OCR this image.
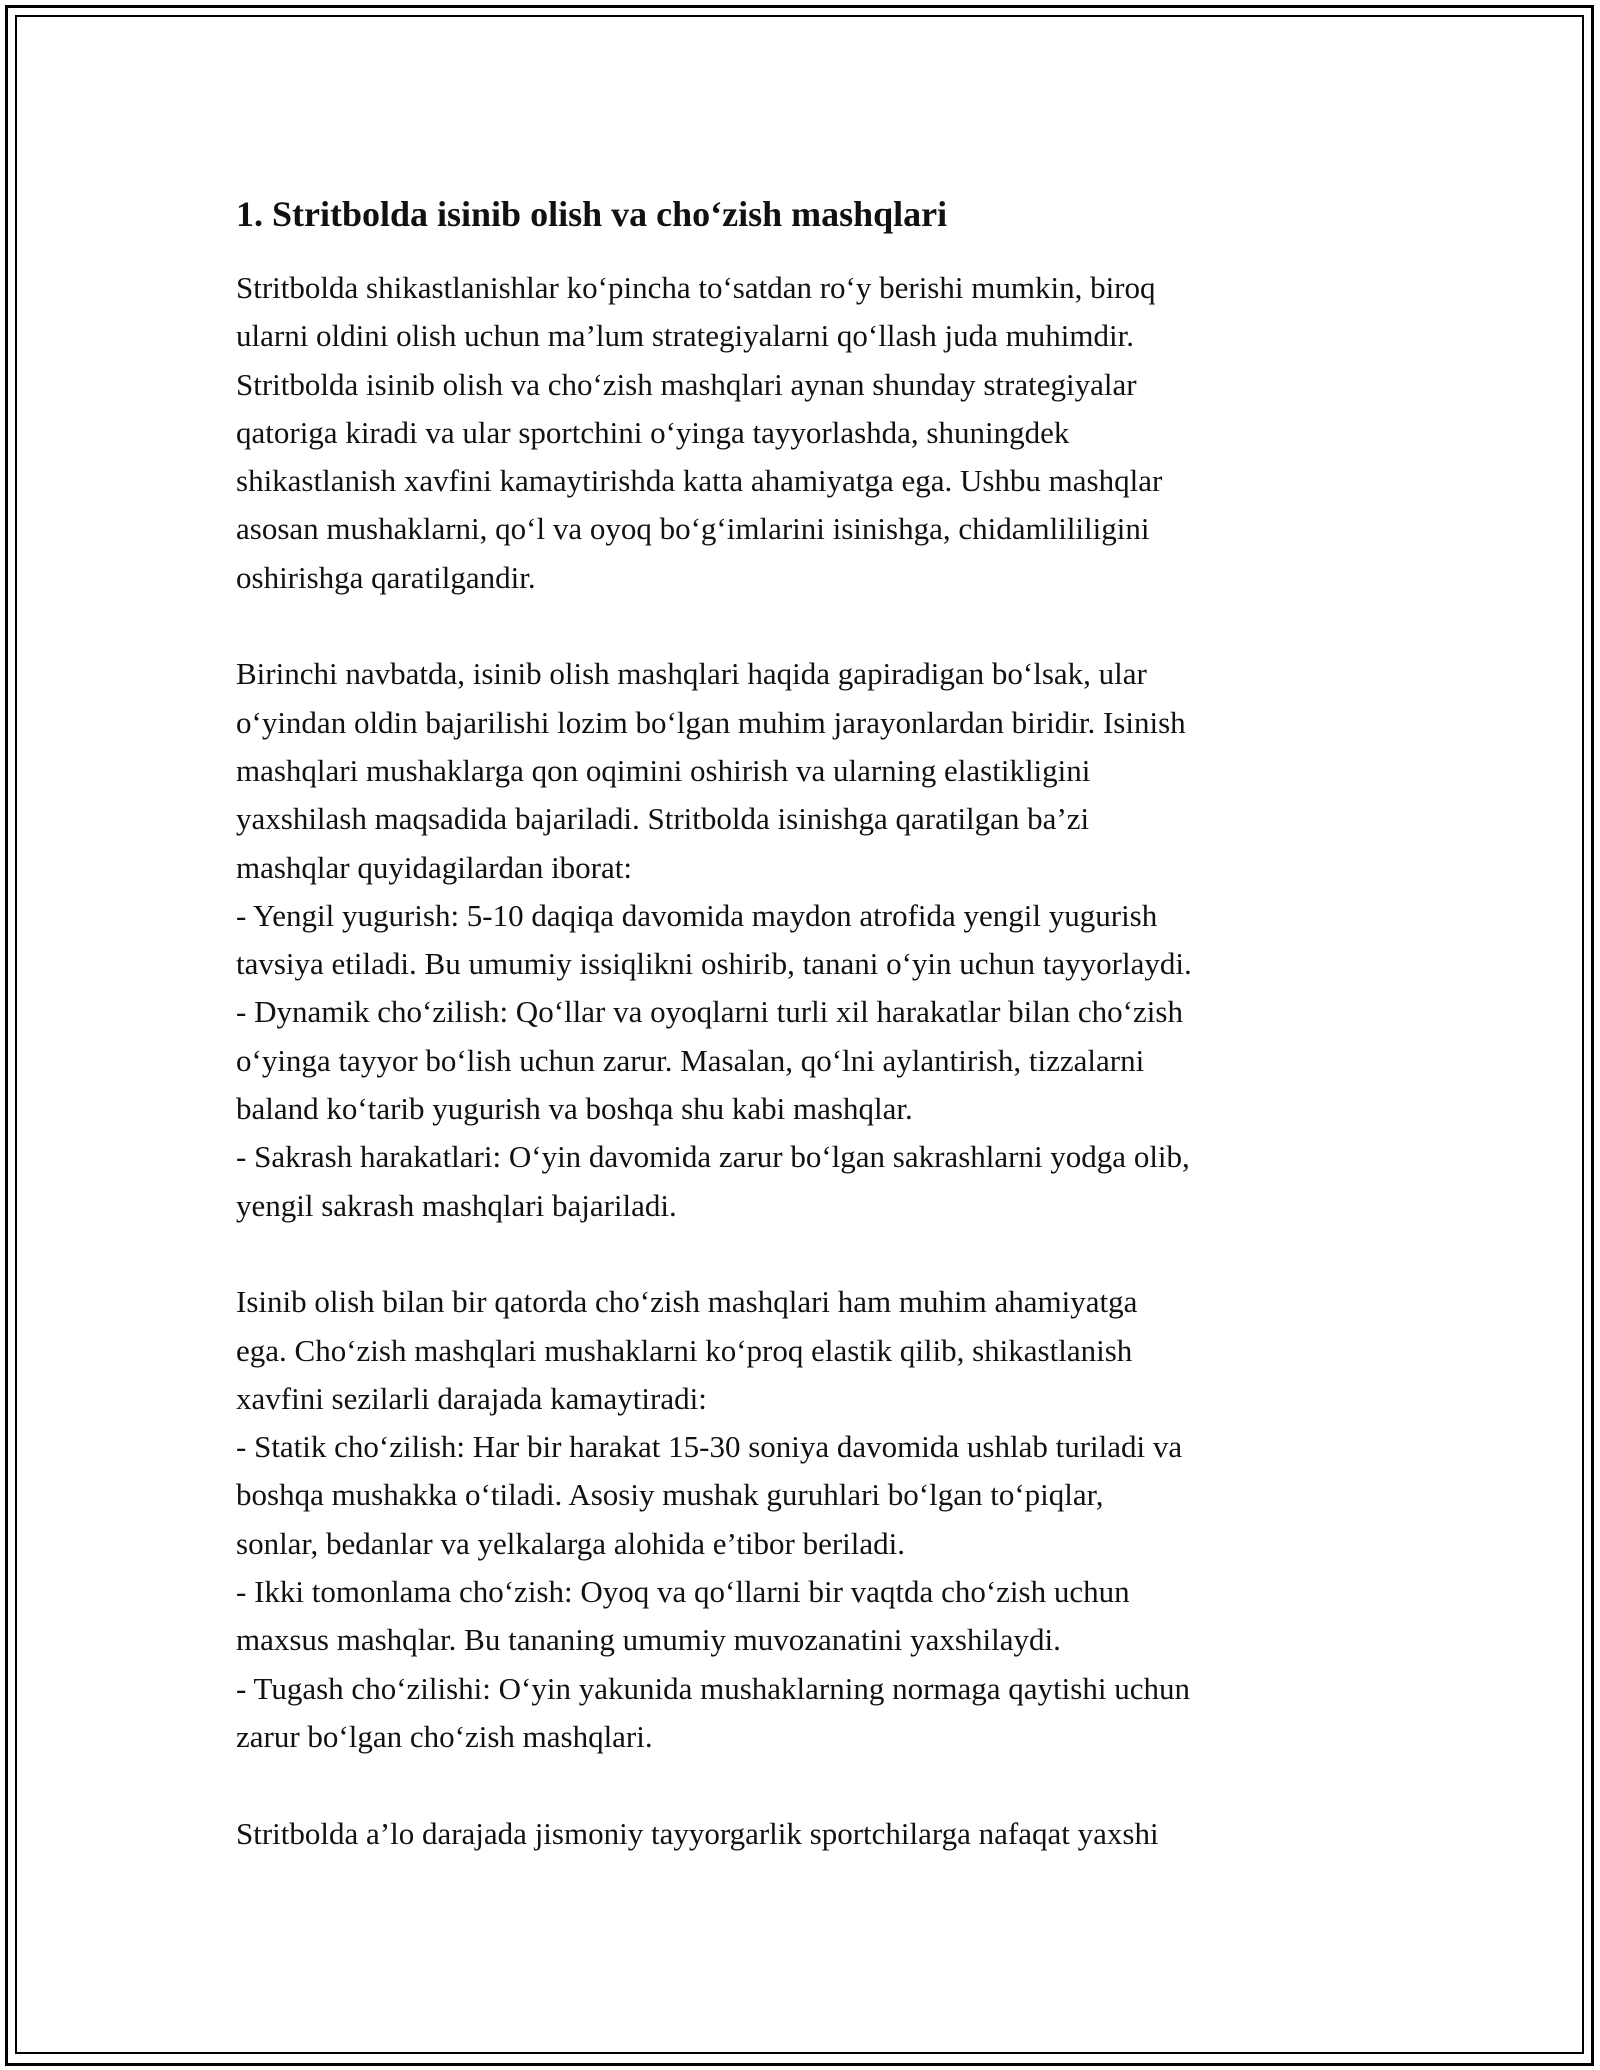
1. Stritbolda isinib olish va cho‘zish mashqlari

Stritbolda shikastlanishlar ko‘pincha to‘satdan ro‘y berishi mumkin, biroq
ularni oldini olish uchun ma’lum strategiyalarni qo‘llash juda muhimdir.
Stritbolda isinib olish va cho‘zish mashqlari aynan shunday strategiyalar
qatoriga kiradi va ular sportchini o‘yinga tayyorlashda, shuningdek
shikastlanish xavfini kamaytirishda katta ahamiyatga ega. Ushbu mashqlar
asosan mushaklarni, qo‘l va oyoq bo‘g‘imlarini isinishga, chidamlililigini
oshirishga qaratilgandir.

Birinchi navbatda, isinib olish mashqlari haqida gapiradigan bo‘lsak, ular
o‘yindan oldin bajarilishi lozim bo‘lgan muhim jarayonlardan biridir. Isinish
mashqlari mushaklarga qon oqimini oshirish va ularning elastikligini
yaxshilash maqsadida bajariladi. Stritbolda isinishga qaratilgan ba’zi
mashqlar quyidagilardan iborat:
- Yengil yugurish: 5-10 daqiqa davomida maydon atrofida yengil yugurish
tavsiya etiladi. Bu umumiy issiqlikni oshirib, tanani o‘yin uchun tayyorlaydi.
- Dynamik cho‘zilish: Qo‘llar va oyoqlarni turli xil harakatlar bilan cho‘zish
o‘yinga tayyor bo‘lish uchun zarur. Masalan, qo‘lni aylantirish, tizzalarni
baland ko‘tarib yugurish va boshqa shu kabi mashqlar.
- Sakrash harakatlari: O‘yin davomida zarur bo‘lgan sakrashlarni yodga olib,
yengil sakrash mashqlari bajariladi.

Isinib olish bilan bir qatorda cho‘zish mashqlari ham muhim ahamiyatga
ega. Cho‘zish mashqlari mushaklarni ko‘proq elastik qilib, shikastlanish
xavfini sezilarli darajada kamaytiradi:
- Statik cho‘zilish: Har bir harakat 15-30 soniya davomida ushlab turiladi va
boshqa mushakka o‘tiladi. Asosiy mushak guruhlari bo‘lgan to‘piqlar,
sonlar, bedanlar va yelkalarga alohida e’tibor beriladi.
- Ikki tomonlama cho‘zish: Oyoq va qo‘llarni bir vaqtda cho‘zish uchun
maxsus mashqlar. Bu tananing umumiy muvozanatini yaxshilaydi.
- Tugash cho‘zilishi: O‘yin yakunida mushaklarning normaga qaytishi uchun
zarur bo‘lgan cho‘zish mashqlari.

Stritbolda a’lo darajada jismoniy tayyorgarlik sportchilarga nafaqat yaxshi
